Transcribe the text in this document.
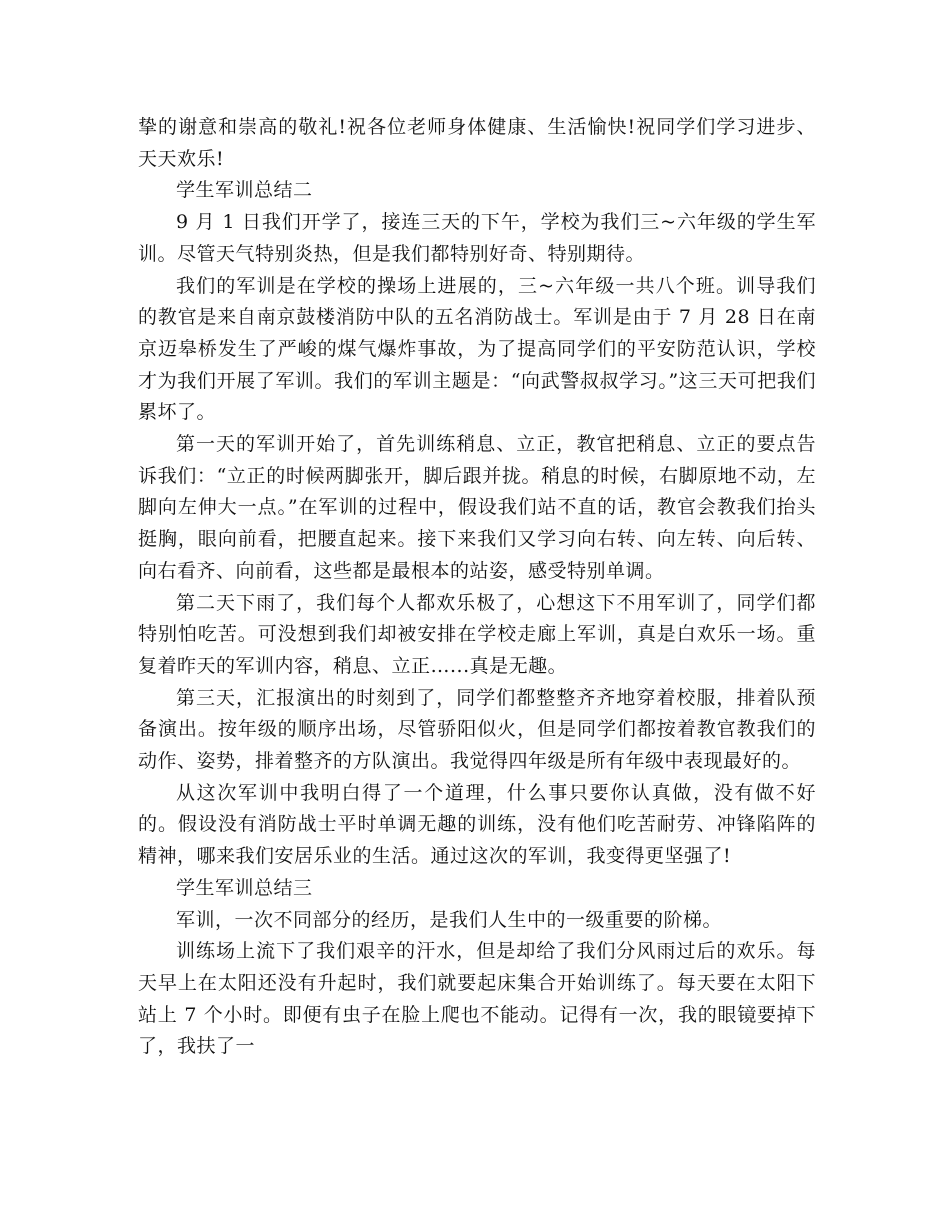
挚的谢意和崇高的敬礼!祝各位老师身体健康、生活愉快!祝同学们学习进步、天天欢乐!

学生军训总结二

9 月 1 日我们开学了，接连三天的下午，学校为我们三~六年级的学生军训。尽管天气特别炎热，但是我们都特别好奇、特别期待。

我们的军训是在学校的操场上进展的，三~六年级一共八个班。训导我们的教官是来自南京鼓楼消防中队的五名消防战士。军训是由于 7 月 28 日在南京迈皋桥发生了严峻的煤气爆炸事故，为了提高同学们的平安防范认识，学校才为我们开展了军训。我们的军训主题是：“向武警叔叔学习。”这三天可把我们累坏了。

第一天的军训开始了，首先训练稍息、立正，教官把稍息、立正的要点告诉我们：“立正的时候两脚张开，脚后跟并拢。稍息的时候，右脚原地不动，左脚向左伸大一点。”在军训的过程中，假设我们站不直的话，教官会教我们抬头挺胸，眼向前看，把腰直起来。接下来我们又学习向右转、向左转、向后转、向右看齐、向前看，这些都是最根本的站姿，感受特别单调。

第二天下雨了，我们每个人都欢乐极了，心想这下不用军训了，同学们都特别怕吃苦。可没想到我们却被安排在学校走廊上军训，真是白欢乐一场。重复着昨天的军训内容，稍息、立正…...真是无趣。

第三天，汇报演出的时刻到了，同学们都整整齐齐地穿着校服，排着队预备演出。按年级的顺序出场，尽管骄阳似火，但是同学们都按着教官教我们的动作、姿势，排着整齐的方队演出。我觉得四年级是所有年级中表现最好的。

从这次军训中我明白得了一个道理，什么事只要你认真做，没有做不好的。假设没有消防战士平时单调无趣的训练，没有他们吃苦耐劳、冲锋陷阵的精神，哪来我们安居乐业的生活。通过这次的军训，我变得更坚强了!

学生军训总结三

军训，一次不同部分的经历，是我们人生中的一级重要的阶梯。

训练场上流下了我们艰辛的汗水，但是却给了我们分风雨过后的欢乐。每天早上在太阳还没有升起时，我们就要起床集合开始训练了。每天要在太阳下站上 7 个小时。即便有虫子在脸上爬也不能动。记得有一次，我的眼镜要掉下了，我扶了一
